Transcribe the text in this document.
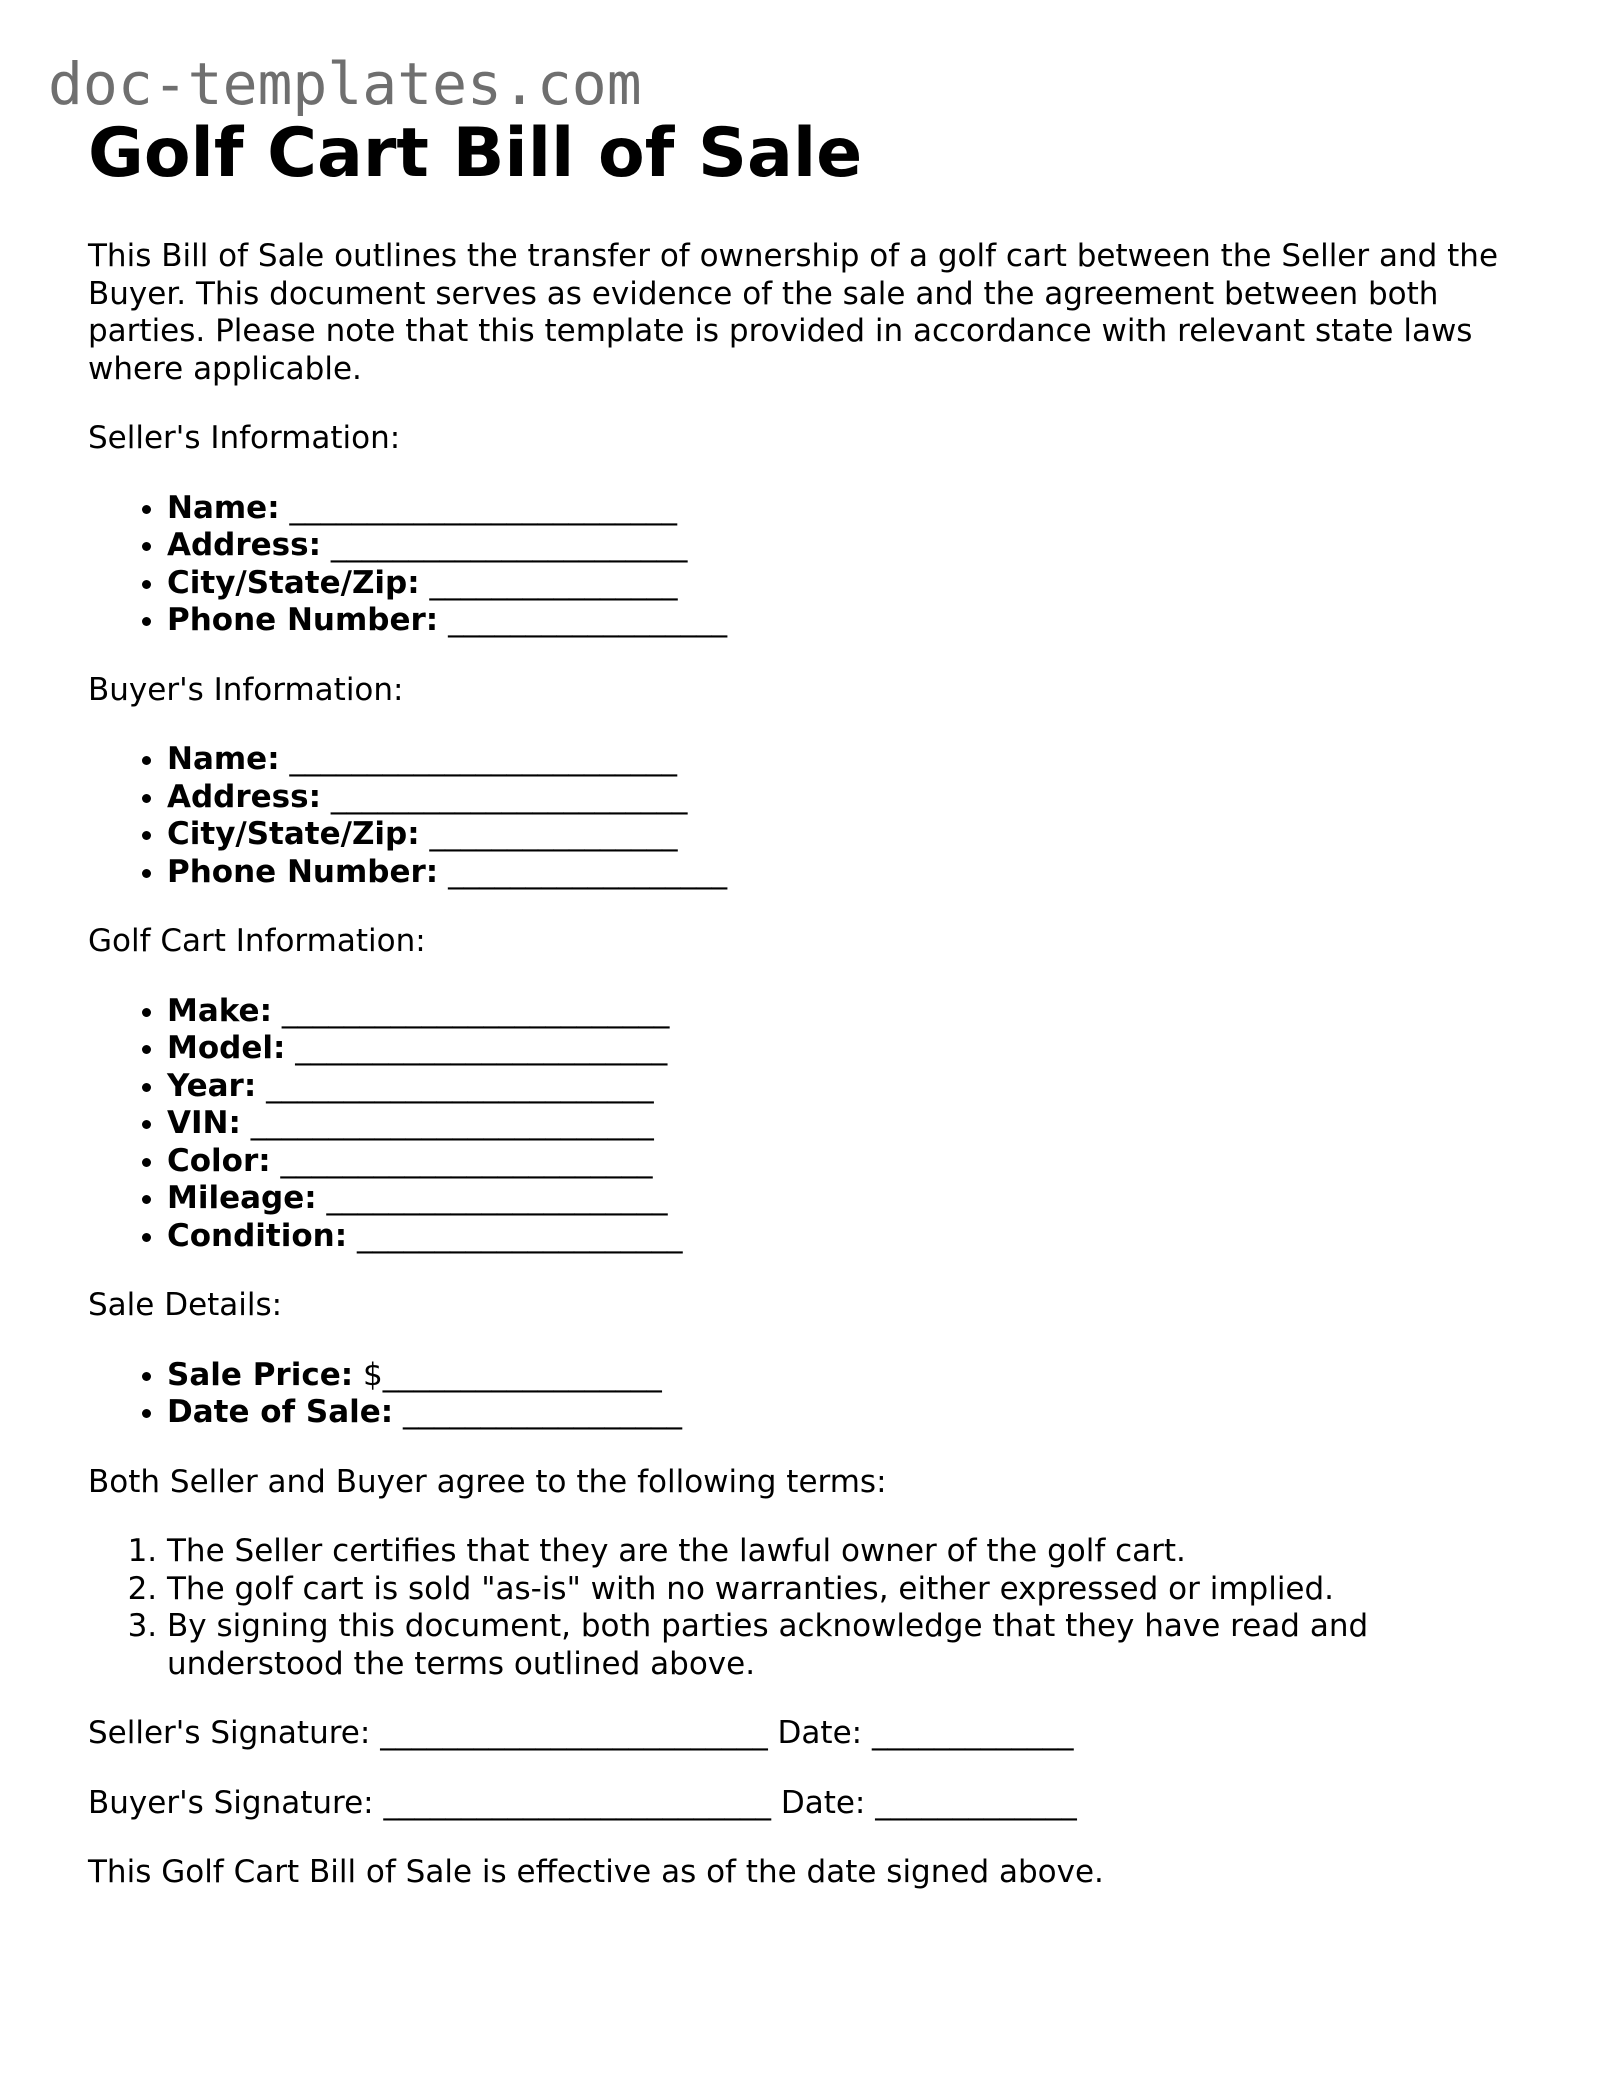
doc-templates.com
Golf Cart Bill of Sale

This Bill of Sale outlines the transfer of ownership of a golf cart between the Seller and the Buyer. This document serves as evidence of the sale and the agreement between both parties. Please note that this template is provided in accordance with relevant state laws where applicable.

Seller's Information:

• Name: _________________________
• Address: _______________________
• City/State/Zip: ________________
• Phone Number: __________________

Buyer's Information:

• Name: _________________________
• Address: _______________________
• City/State/Zip: ________________
• Phone Number: __________________

Golf Cart Information:

• Make: _________________________
• Model: ________________________
• Year: _________________________
• VIN: __________________________
• Color: ________________________
• Mileage: ______________________
• Condition: _____________________

Sale Details:

• Sale Price: $__________________
• Date of Sale: __________________

Both Seller and Buyer agree to the following terms:

1. The Seller certifies that they are the lawful owner of the golf cart.
2. The golf cart is sold "as-is" with no warranties, either expressed or implied.
3. By signing this document, both parties acknowledge that they have read and understood the terms outlined above.

Seller's Signature: _________________________ Date: _____________

Buyer's Signature: _________________________ Date: _____________

This Golf Cart Bill of Sale is effective as of the date signed above.
